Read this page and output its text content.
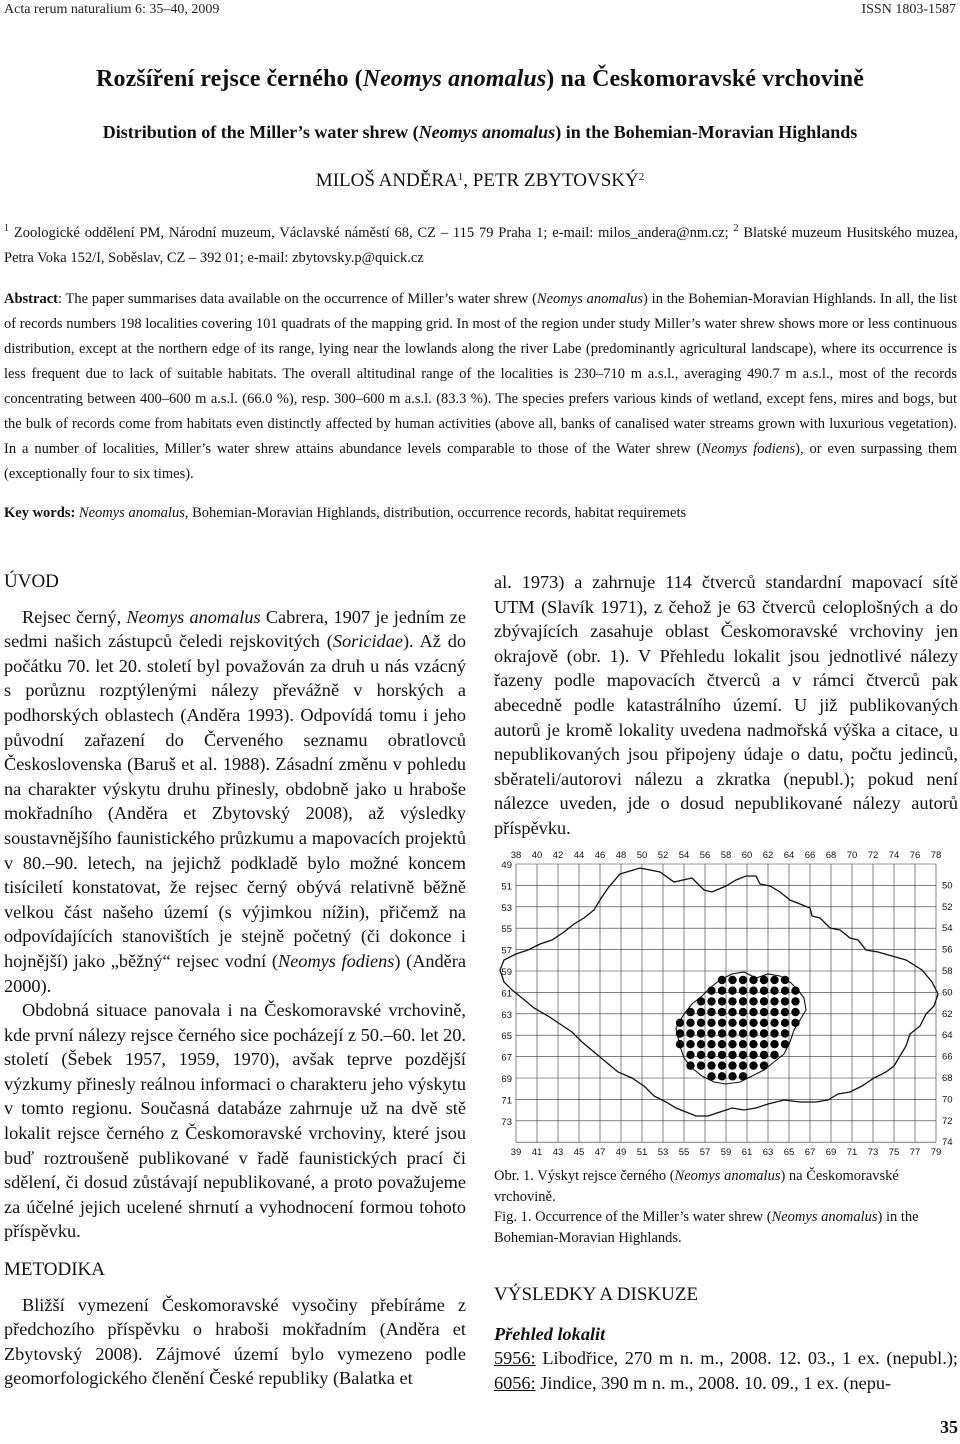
Acta rerum naturalium 6: 35–40, 2009	ISSN 1803-1587
Rozšíření rejsce černého (Neomys anomalus) na Českomoravské vrchovině
Distribution of the Miller’s water shrew (Neomys anomalus) in the Bohemian-Moravian Highlands
MILOŠ ANDĚRA$^1$, PETR ZBYTOVSKÝ$^2$
$^1$ Zoologické oddělení PM, Národní muzeum, Václavské náměstí 68, CZ – 115 79 Praha 1; e-mail: milos_andera@nm.cz; $^2$ Blatské muzeum Husitského muzea, Petra Voka 152/I, Soběslav, CZ – 392 01; e-mail: zbytovsky.p@quick.cz
Abstract: The paper summarises data available on the occurrence of Miller’s water shrew (Neomys anomalus) in the Bohemian-Moravian Highlands. In all, the list of records numbers 198 localities covering 101 quadrats of the mapping grid. In most of the region under study Miller’s water shrew shows more or less continuous distribution, except at the northern edge of its range, lying near the lowlands along the river Labe (predominantly agricultural landscape), where its occurrence is less frequent due to lack of suitable habitats. The overall altitudinal range of the localities is 230–710 m a.s.l., averaging 490.7 m a.s.l., most of the records concentrating between 400–600 m a.s.l. (66.0 %), resp. 300–600 m a.s.l. (83.3 %). The species prefers various kinds of wetland, except fens, mires and bogs, but the bulk of records come from habitats even distinctly affected by human activities (above all, banks of canalised water streams grown with luxurious vegetation). In a number of localities, Miller’s water shrew attains abundance levels comparable to those of the Water shrew (Neomys fodiens), or even surpassing them (exceptionally four to six times).
Key words: Neomys anomalus, Bohemian-Moravian Highlands, distribution, occurrence records, habitat requiremets
ÚVOD

Rejsec černý, Neomys anomalus Cabrera, 1907 je jedním ze sedmi našich zástupců čeledi rejskovitých (Soricidae). Až do počátku 70. let 20. století byl považován za druh u nás vzácný s porůznu rozptýlenými nálezy převážně v horských a podhorských oblastech (Anděra 1993). Odpovídá tomu i jeho původní zařazení do Červeného seznamu obratlovců Československa (Baruš et al. 1988). Zásadní změnu v pohledu na charakter výskytu druhu přinesly, obdobně jako u hraboše mokřadního (Anděra et Zbytovský 2008), až výsledky soustavnějšího faunistického průzkumu a mapovacích projektů v 80.–90. letech, na jejichž podkladě bylo možné koncem tisíciletí konstatovat, že rejsec černý obývá relativně běžně velkou část našeho území (s výjimkou nížin), přičemž na odpovídajících stanovištích je stejně početný (či dokonce i hojnější) jako „běžný“ rejsec vodní (Neomys fodiens) (Anděra 2000).

Obdobná situace panovala i na Českomoravské vrchovině, kde první nálezy rejsce černého sice pocházejí z 50.–60. let 20. století (Šebek 1957, 1959, 1970), avšak teprve pozdější výzkumy přinesly reálnou informaci o charakteru jeho výskytu v tomto regionu. Současná databáze zahrnuje už na dvě stě lokalit rejsce černého z Českomoravské vrchoviny, které jsou buď roztroušeně publikované v řadě faunistických prací či sdělení, či dosud zůstávají nepublikované, a proto považujeme za účelné jejich ucelené shrnutí a vyhodnocení formou tohoto příspěvku.

METODIKA

Bližší vymezení Českomoravské vysočiny přebíráme z předchozího příspěvku o hraboši mokřadním (Anděra et Zbytovský 2008). Zájmové území bylo vymezeno podle geomorfologického členění České republiky (Balatka et

al. 1973) a zahrnuje 114 čtverců standardní mapovací sítě UTM (Slavík 1971), z čehož je 63 čtverců celoplošných a do zbývajících zasahuje oblast Českomoravské vrchoviny jen okrajově (obr. 1). V Přehledu lokalit jsou jednotlivé nálezy řazeny podle mapovacích čtverců a v rámci čtverců pak abecedně podle katastrálního území. U již publikovaných autorů je kromě lokality uvedena nadmořská výška a citace, u nepublikovaných jsou připojeny údaje o datu, počtu jedinců, sběrateli/autorovi nálezu a zkratka (nepubl.); pokud není nálezce uveden, jde o dosud nepublikované nálezy autorů příspěvku.

38 40 42 44 46 48 50 52 54 56 58 60 62 64 66 68 70 72 74 76 78
39 41 43 45 47 49 51 53 55 57 59 61 63 65 67 69 71 73 75 77 79
49
51
53
55
57
59
61
63
65
67
69
71
73
50
52
54
56
58
60
62
64
66
68
70
72
74
Obr. 1. Výskyt rejsce černého (Neomys anomalus) na Českomoravské vrchovině.
Fig. 1. Occurrence of the Miller’s water shrew (Neomys anomalus) in the Bohemian-Moravian Highlands.
VÝSLEDKY A DISKUZE
Přehled lokalit

5956: Libodřice, 270 m n. m., 2008. 12. 03., 1 ex. (nepubl.); 6056: Jindice, 390 m n. m., 2008. 10. 09., 1 ex. (nepu-

35
